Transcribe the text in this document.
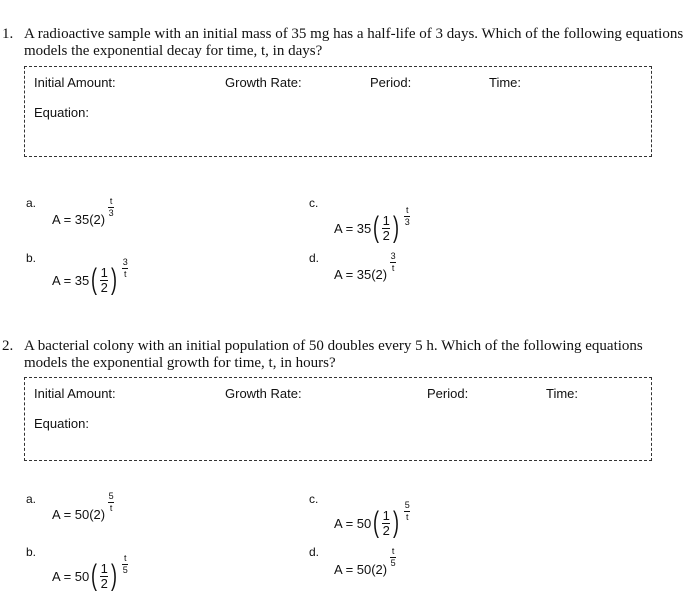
1. A radioactive sample with an initial mass of 35 mg has a half-life of 3 days. Which of the following equations models the exponential decay for time, t, in days?
Initial Amount:	Growth Rate:	Period:	Time:
Equation:
a.
A = 35(2)
$\frac{t}{3}$
b.
A = 35 ( $\frac{1}{2}$ ) $\frac{3}{t}$
c.
A = 35 ( $\frac{1}{2}$ ) $\frac{t}{3}$
d.
A = 35(2)
$\frac{3}{t}$
2. A bacterial colony with an initial population of 50 doubles every 5 h. Which of the following equations models the exponential growth for time, t, in hours?
Initial Amount:	Growth Rate:	Period:	Time:
Equation:
a.
A = 50(2)
$\frac{5}{t}$
b.
A = 50 ( $\frac{1}{2}$ ) $\frac{t}{5}$
c.
A = 50 ( $\frac{1}{2}$ ) $\frac{5}{t}$
d.
A = 50(2)
$\frac{t}{5}$
